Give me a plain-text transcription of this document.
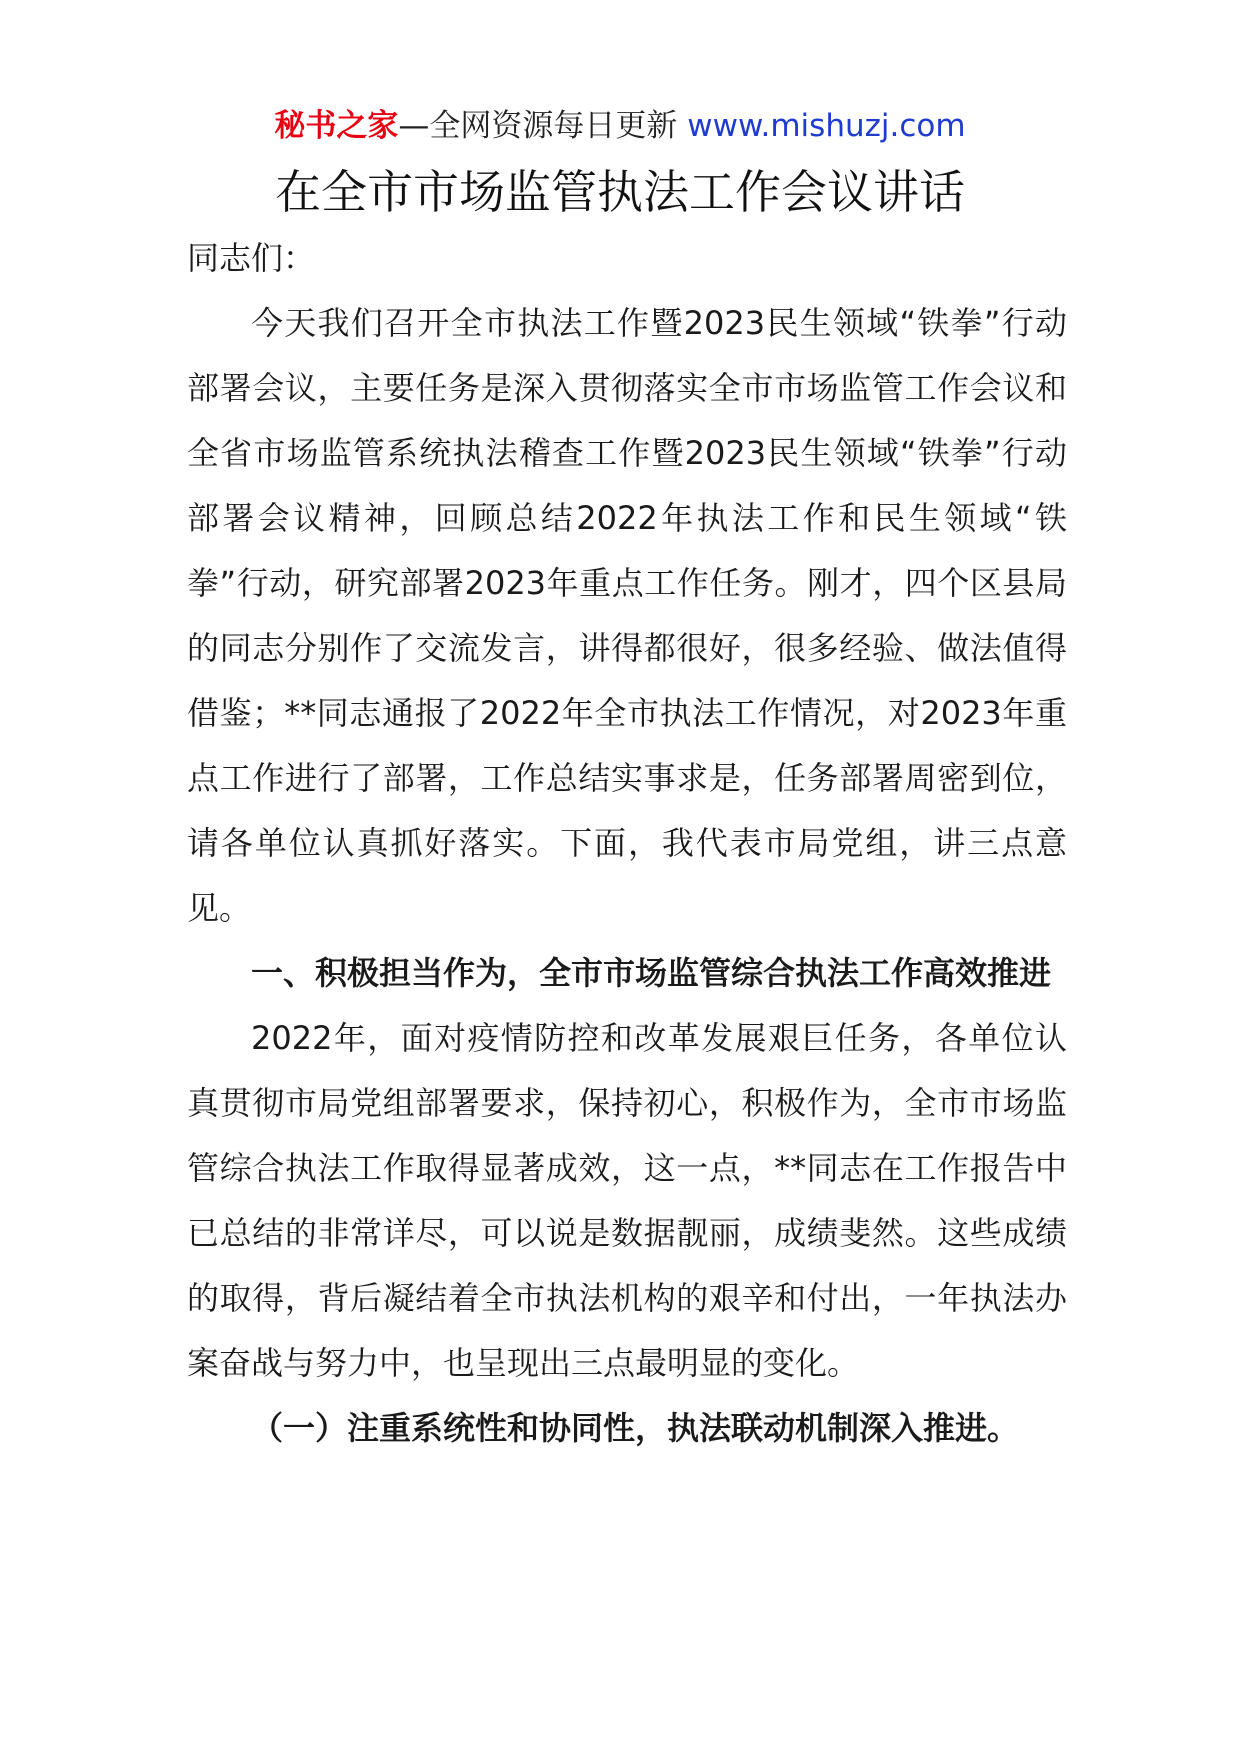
秘书之家—全网资源每日更新 www.mishuzj.com
在全市市场监管执法工作会议讲话

同志们：

今天我们召开全市执法工作暨2023民生领域“铁拳”行动部署会议，主要任务是深入贯彻落实全市市场监管工作会议和全省市场监管系统执法稽查工作暨2023民生领域“铁拳”行动部署会议精神，回顾总结2022年执法工作和民生领域“铁拳”行动，研究部署2023年重点工作任务。刚才，四个区县局的同志分别作了交流发言，讲得都很好，很多经验、做法值得借鉴；**同志通报了2022年全市执法工作情况，对2023年重点工作进行了部署，工作总结实事求是，任务部署周密到位，请各单位认真抓好落实。下面，我代表市局党组，讲三点意见。

一、积极担当作为，全市市场监管综合执法工作高效推进

2022年，面对疫情防控和改革发展艰巨任务，各单位认真贯彻市局党组部署要求，保持初心，积极作为，全市市场监管综合执法工作取得显著成效，这一点，**同志在工作报告中已总结的非常详尽，可以说是数据靓丽，成绩斐然。这些成绩的取得，背后凝结着全市执法机构的艰辛和付出，一年执法办案奋战与努力中，也呈现出三点最明显的变化。

（一）注重系统性和协同性，执法联动机制深入推进。
